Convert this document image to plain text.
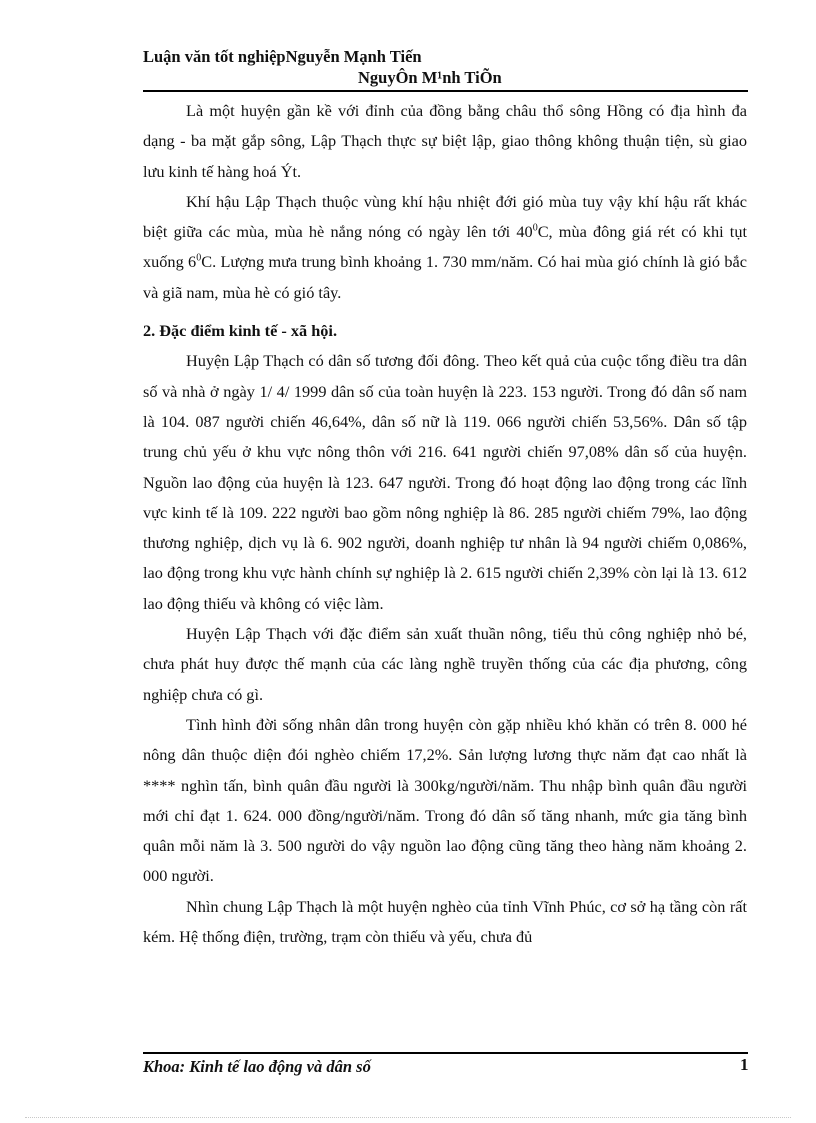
Luận văn tốt nghiệpNguyễn Mạnh Tiến
NguyÔn M¹nh TiÕn

Là một huyện gần kề với đỉnh của đồng bằng châu thổ sông Hồng có địa hình đa dạng - ba mặt gắp sông, Lập Thạch thực sự biệt lập, giao thông không thuận tiện, sù giao lưu kinh tế hàng hoá Ýt.

Khí hậu Lập Thạch thuộc vùng khí hậu nhiệt đới gió mùa tuy vậy khí hậu rất khác biệt giữa các mùa, mùa hè nắng nóng có ngày lên tới $40^0C$, mùa đông giá rét có khi tụt xuống $6^0C$. Lượng mưa trung bình khoảng 1. 730 mm/năm. Có hai mùa gió chính là gió bắc và giã nam, mùa hè có gió tây.

2. Đặc điểm kinh tế - xã hội.

Huyện Lập Thạch có dân số tương đối đông. Theo kết quả của cuộc tổng điều tra dân số và nhà ở ngày 1/ 4/ 1999 dân số của toàn huyện là 223. 153 người. Trong đó dân số nam là 104. 087 người chiến 46,64%, dân số nữ là 119. 066 người chiến 53,56%. Dân số tập trung chủ yếu ở khu vực nông thôn với 216. 641 người chiến 97,08% dân số của huyện. Nguồn lao động của huyện là 123. 647 người. Trong đó hoạt động lao động trong các lĩnh vực kinh tế là 109. 222 người bao gồm nông nghiệp là 86. 285 người chiếm 79%, lao động thương nghiệp, dịch vụ là 6. 902 người, doanh nghiệp tư nhân là 94 người chiếm 0,086%, lao động trong khu vực hành chính sự nghiệp là 2. 615 người chiến 2,39% còn lại là 13. 612 lao động thiếu và không có việc làm.

Huyện Lập Thạch với đặc điểm sản xuất thuần nông, tiểu thủ công nghiệp nhỏ bé, chưa phát huy được thế mạnh của các làng nghề truyền thống của các địa phương, công nghiệp chưa có gì.

Tình hình đời sống nhân dân trong huyện còn gặp nhiều khó khăn có trên 8. 000 hé nông dân thuộc diện đói nghèo chiếm 17,2%. Sản lượng lương thực năm đạt cao nhất là **** nghìn tấn, bình quân đầu người là 300kg/người/năm. Thu nhập bình quân đầu người mới chỉ đạt 1. 624. 000 đồng/người/năm. Trong đó dân số tăng nhanh, mức gia tăng bình quân mỗi năm là 3. 500 người do vậy nguồn lao động cũng tăng theo hàng năm khoảng 2. 000 người.

Nhìn chung Lập Thạch là một huyện nghèo của tỉnh Vĩnh Phúc, cơ sở hạ tầng còn rất kém. Hệ thống điện, trường, trạm còn thiếu và yếu, chưa đủ

Khoa: Kinh tế lao động và dân số	1
